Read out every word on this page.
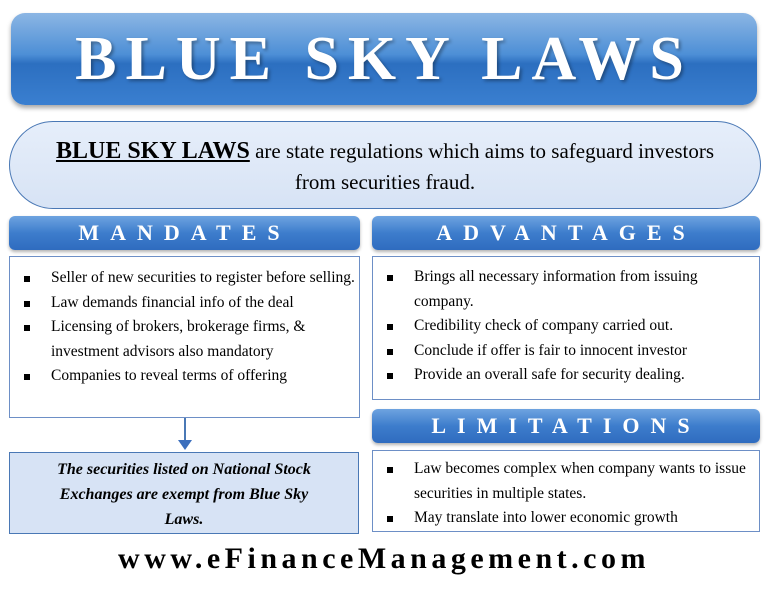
BLUE SKY LAWS
BLUE SKY LAWS are state regulations which aims to safeguard investors
from securities fraud.
MANDATES
Seller of new securities to register before selling.
Law demands financial info of the deal
Licensing of brokers, brokerage firms, & investment advisors also mandatory
Companies to reveal terms of offering
The securities listed on National Stock
Exchanges are exempt from Blue Sky
Laws.
ADVANTAGES
Brings all necessary information from issuing company.
Credibility check of company carried out.
Conclude if offer is fair to innocent investor
Provide an overall safe for security dealing.
LIMITATIONS
Law becomes complex when company wants to issue securities in multiple states.
May translate into lower economic growth
www.eFinanceManagement.com
